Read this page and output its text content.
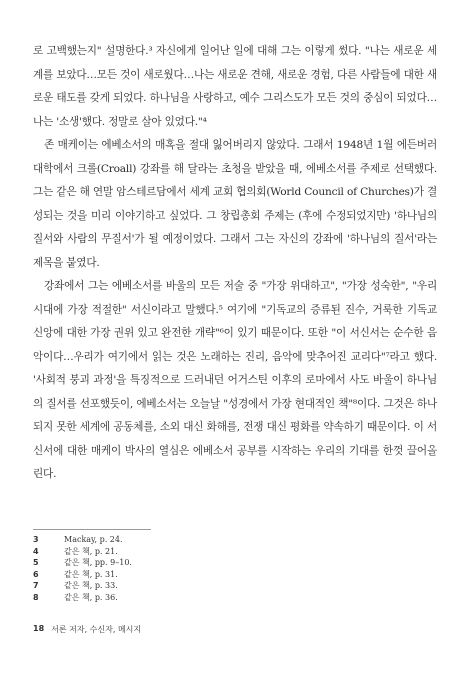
로 고백했는지" 설명한다.³ 자신에게 일어난 일에 대해 그는 이렇게 썼다. "나는 새로운 세계를 보았다…모든 것이 새로웠다…나는 새로운 견해, 새로운 경험, 다른 사람들에 대한 새로운 태도를 갖게 되었다. 하나님을 사랑하고, 예수 그리스도가 모든 것의 중심이 되었다…나는 '소생'했다. 정말로 살아 있었다."⁴

존 매케이는 에베소서의 매혹을 절대 잃어버리지 않았다. 그래서 1948년 1월 에든버러 대학에서 크롤(Croall) 강좌를 해 달라는 초청을 받았을 때, 에베소서를 주제로 선택했다. 그는 같은 해 연말 암스테르담에서 세계 교회 협의회(World Council of Churches)가 결성되는 것을 미리 이야기하고 싶었다. 그 창립총회 주제는 (후에 수정되었지만) '하나님의 질서와 사람의 무질서'가 될 예정이었다. 그래서 그는 자신의 강좌에 '하나님의 질서'라는 제목을 붙였다.

강좌에서 그는 에베소서를 바울의 모든 저술 중 "가장 위대하고", "가장 성숙한", "우리 시대에 가장 적절한" 서신이라고 말했다.⁵ 여기에 "기독교의 증류된 진수, 거룩한 기독교 신앙에 대한 가장 권위 있고 완전한 개략"⁶이 있기 때문이다. 또한 "이 서신서는 순수한 음악이다…우리가 여기에서 읽는 것은 노래하는 진리, 음악에 맞추어진 교리다"⁷라고 했다. '사회적 붕괴 과정'을 특징적으로 드러내던 어거스틴 이후의 로마에서 사도 바울이 하나님의 질서를 선포했듯이, 에베소서는 오늘날 "성경에서 가장 현대적인 책"⁸이다. 그것은 하나 되지 못한 세계에 공동체를, 소외 대신 화해를, 전쟁 대신 평화를 약속하기 때문이다. 이 서신서에 대한 매케이 박사의 열심은 에베소서 공부를 시작하는 우리의 기대를 한껏 끌어올린다.

3	Mackay, p. 24.
4	같은 책, p. 21.
5	같은 책, pp. 9–10.
6	같은 책, p. 31.
7	같은 책, p. 33.
8	같은 책, p. 36.
18 서론 저자, 수신자, 메시지
